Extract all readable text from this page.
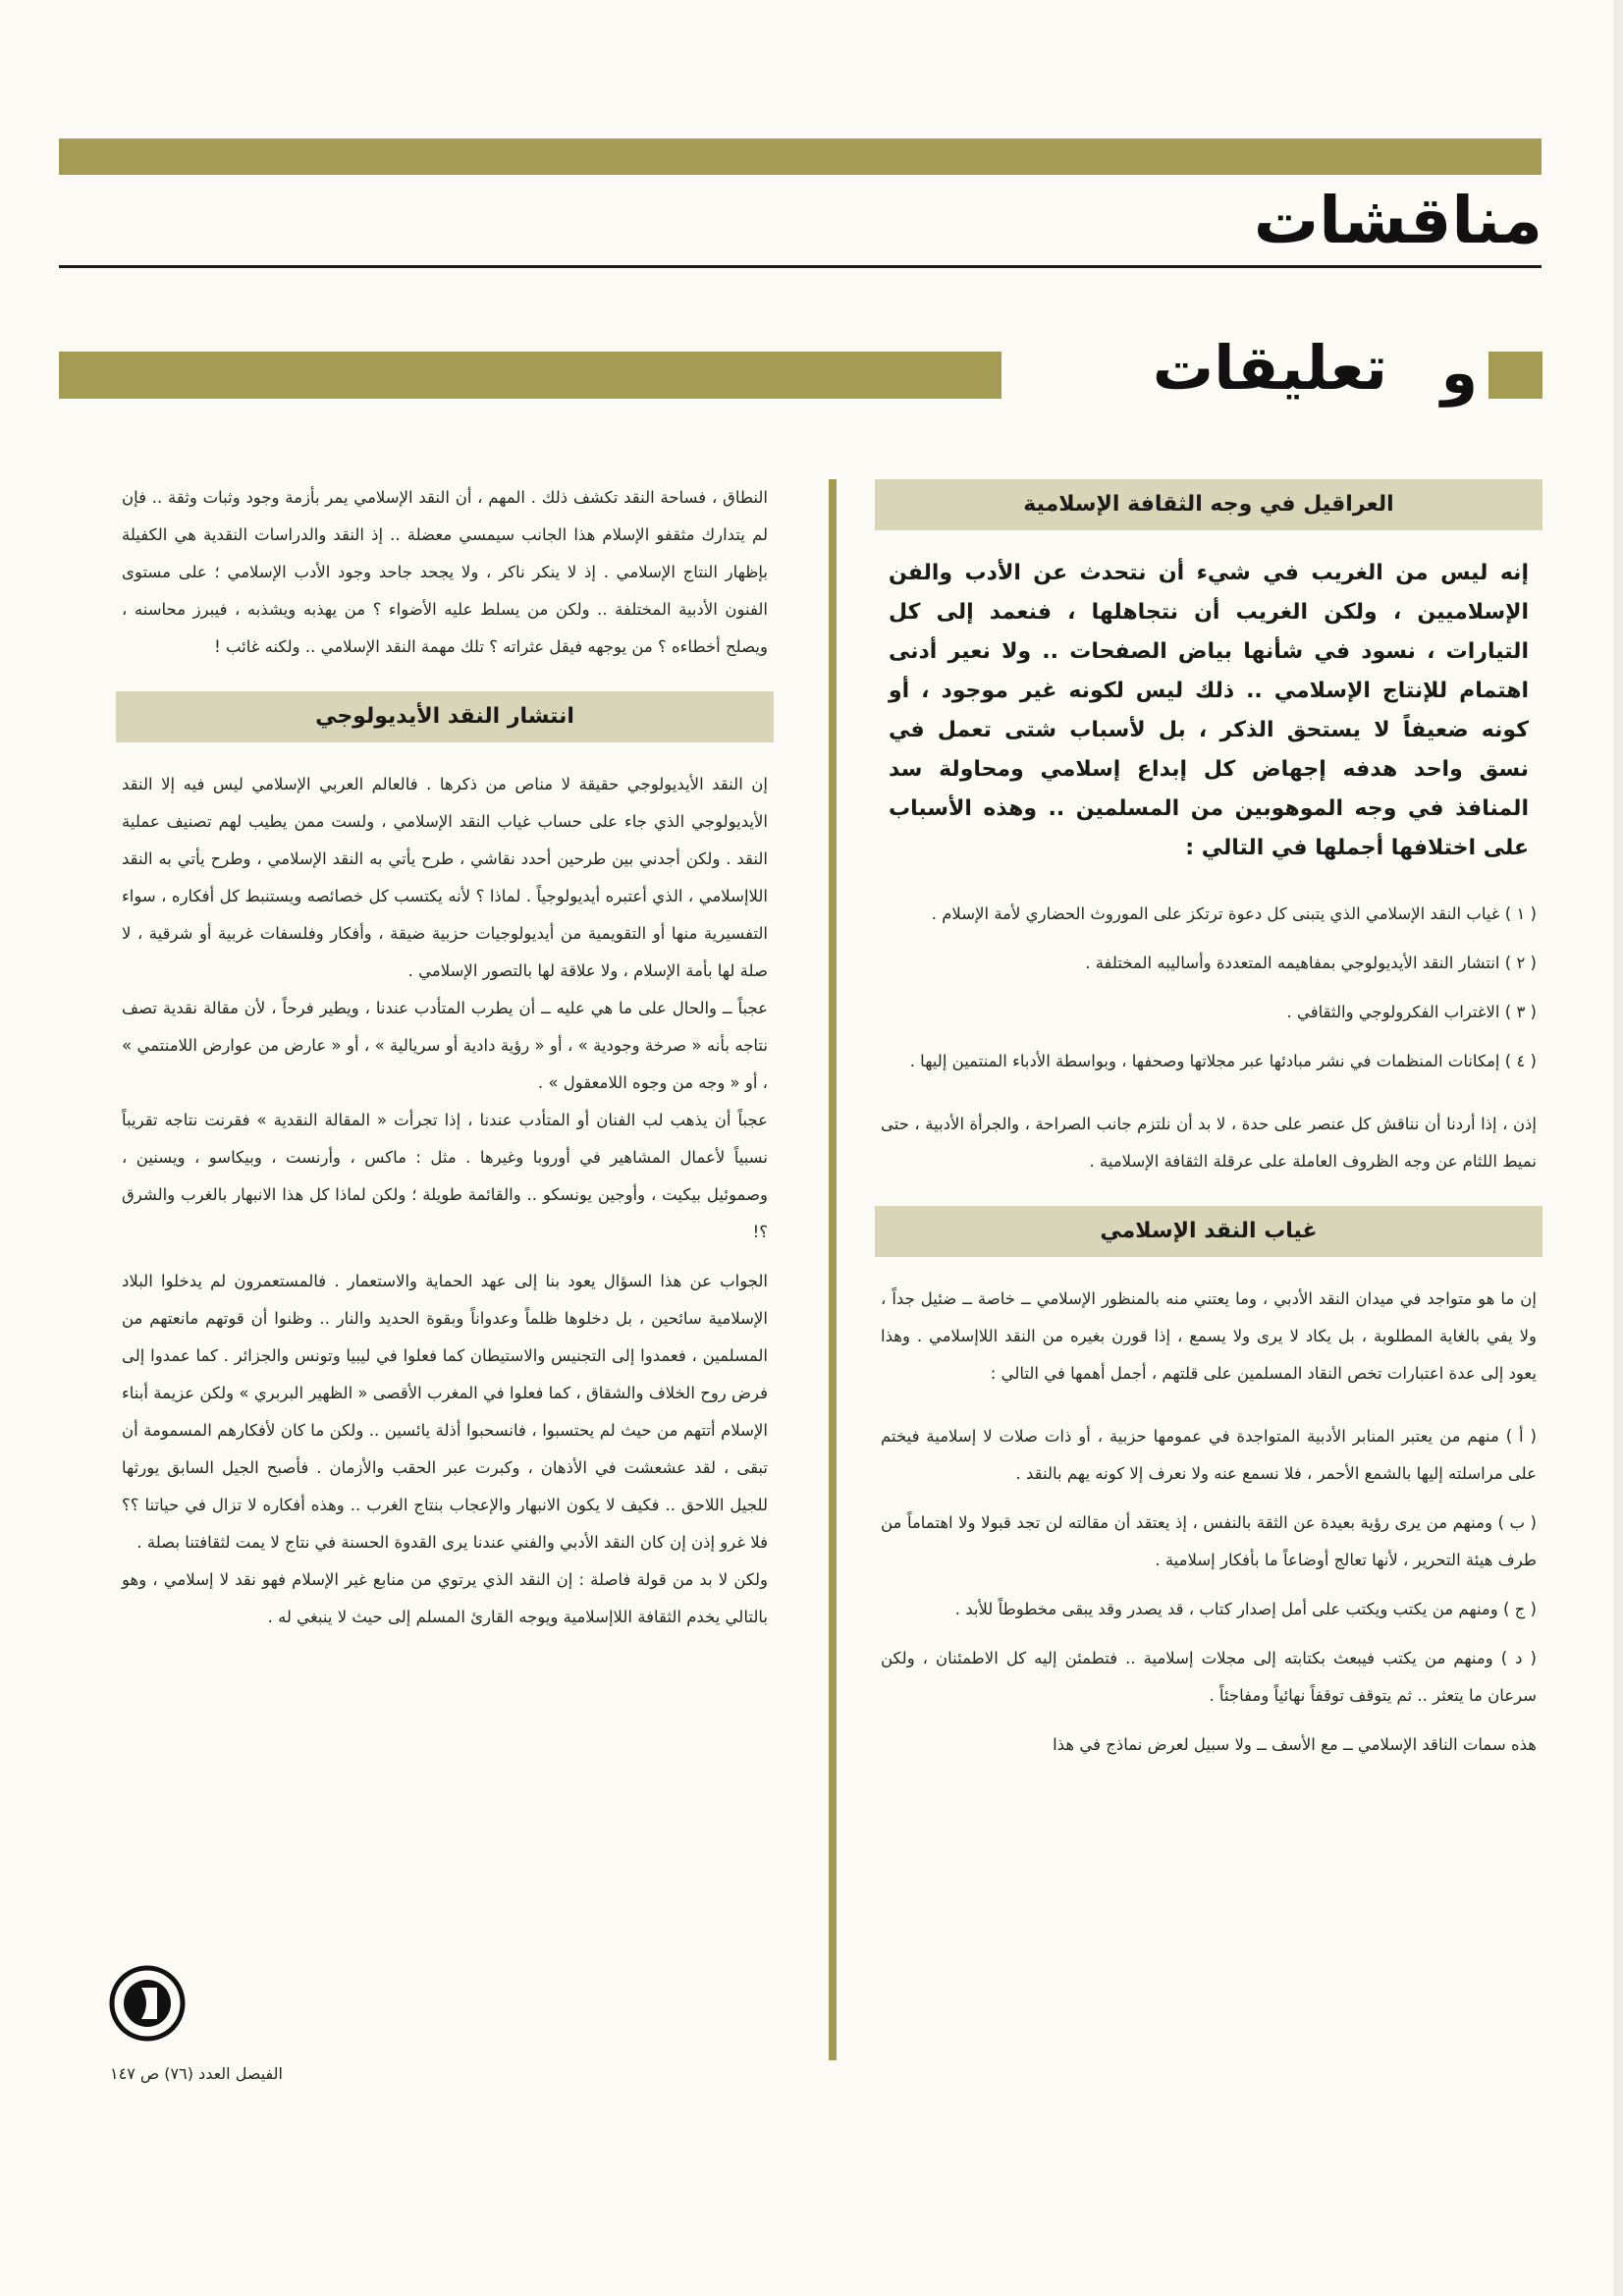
مناقشات
و
تعليقات
العراقيل في وجه الثقافة الإسلامية

إنه ليس من الغريب في شيء أن نتحدث عن الأدب والفن الإسلاميين ، ولكن الغريب أن نتجاهلها ، فنعمد إلى كل التيارات ، نسود في شأنها بياض الصفحات .. ولا نعير أدنى اهتمام للإنتاج الإسلامي .. ذلك ليس لكونه غير موجود ، أو كونه ضعيفاً لا يستحق الذكر ، بل لأسباب شتى تعمل في نسق واحد هدفه إجهاض كل إبداع إسلامي ومحاولة سد المنافذ في وجه الموهوبين من المسلمين .. وهذه الأسباب على اختلافها أجملها في التالي :

( ١ ) غياب النقد الإسلامي الذي يتبنى كل دعوة ترتكز على الموروث الحضاري لأمة الإسلام .

( ٢ ) انتشار النقد الأيديولوجي بمفاهيمه المتعددة وأساليبه المختلفة .

( ٣ ) الاغتراب الفكرولوجي والثقافي .

( ٤ ) إمكانات المنظمات في نشر مبادئها عبر مجلاتها وصحفها ، وبواسطة الأدباء المنتمين إليها .

إذن ، إذا أردنا أن نناقش كل عنصر على حدة ، لا بد أن نلتزم جانب الصراحة ، والجرأة الأدبية ، حتى نميط اللثام عن وجه الظروف العاملة على عرقلة الثقافة الإسلامية .

غياب النقد الإسلامي

إن ما هو متواجد في ميدان النقد الأدبي ، وما يعتني منه بالمنظور الإسلامي ــ خاصة ــ ضئيل جداً ، ولا يفي بالغاية المطلوبة ، بل يكاد لا يرى ولا يسمع ، إذا قورن بغيره من النقد اللاإسلامي . وهذا يعود إلى عدة اعتبارات تخص النقاد المسلمين على قلتهم ، أجمل أهمها في التالي :

( أ ) منهم من يعتبر المنابر الأدبية المتواجدة في عمومها حزبية ، أو ذات صلات لا إسلامية فيختم على مراسلته إليها بالشمع الأحمر ، فلا نسمع عنه ولا نعرف إلا كونه يهم بالنقد .

( ب ) ومنهم من يرى رؤية بعيدة عن الثقة بالنفس ، إذ يعتقد أن مقالته لن تجد قبولا ولا اهتماماً من طرف هيئة التحرير ، لأنها تعالج أوضاعاً ما بأفكار إسلامية .

( ج ) ومنهم من يكتب ويكتب على أمل إصدار كتاب ، قد يصدر وقد يبقى مخطوطاً للأبد .

( د ) ومنهم من يكتب فيبعث بكتابته إلى مجلات إسلامية .. فتطمئن إليه كل الاطمئنان ، ولكن سرعان ما يتعثر .. ثم يتوقف توقفاً نهائياً ومفاجئاً .

هذه سمات الناقد الإسلامي ــ مع الأسف ــ ولا سبيل لعرض نماذج في هذا

النطاق ، فساحة النقد تكشف ذلك . المهم ، أن النقد الإسلامي يمر بأزمة وجود وثبات وثقة .. فإن لم يتدارك مثقفو الإسلام هذا الجانب سيمسي معضلة .. إذ النقد والدراسات النقدية هي الكفيلة بإظهار النتاج الإسلامي . إذ لا ينكر ناكر ، ولا يجحد جاحد وجود الأدب الإسلامي ؛ على مستوى الفنون الأدبية المختلفة .. ولكن من يسلط عليه الأضواء ؟ من يهذبه ويشذبه ، فيبرز محاسنه ، ويصلح أخطاءه ؟ من يوجهه فيقل عثراته ؟ تلك مهمة النقد الإسلامي .. ولكنه غائب !

انتشار النقد الأيديولوجي

إن النقد الأيديولوجي حقيقة لا مناص من ذكرها . فالعالم العربي الإسلامي ليس فيه إلا النقد الأيديولوجي الذي جاء على حساب غياب النقد الإسلامي ، ولست ممن يطيب لهم تصنيف عملية النقد . ولكن أجدني بين طرحين أحدد نقاشي ، طرح يأتي به النقد الإسلامي ، وطرح يأتي به النقد اللاإسلامي ، الذي أعتبره أيديولوجياً . لماذا ؟ لأنه يكتسب كل خصائصه ويستنبط كل أفكاره ، سواء التفسيرية منها أو التقويمية من أيديولوجيات حزبية ضيقة ، وأفكار وفلسفات غربية أو شرقية ، لا صلة لها بأمة الإسلام ، ولا علاقة لها بالتصور الإسلامي .

عجباً ــ والحال على ما هي عليه ــ أن يطرب المتأدب عندنا ، ويطير فرحاً ، لأن مقالة نقدية تصف نتاجه بأنه « صرخة وجودية » ، أو « رؤية دادية أو سريالية » ، أو « عارض من عوارض اللامنتمي » ، أو « وجه من وجوه اللامعقول » .

عجباً أن يذهب لب الفنان أو المتأدب عندنا ، إذا تجرأت « المقالة النقدية » فقرنت نتاجه تقريباً نسبياً لأعمال المشاهير في أوروبا وغيرها . مثل : ماكس ، وأرنست ، وبيكاسو ، ويسنين ، وصموئيل بيكيت ، وأوجين يونسكو .. والقائمة طويلة ؛ ولكن لماذا كل هذا الانبهار بالغرب والشرق ؟!

الجواب عن هذا السؤال يعود بنا إلى عهد الحماية والاستعمار . فالمستعمرون لم يدخلوا البلاد الإسلامية سائحين ، بل دخلوها ظلماً وعدواناً وبقوة الحديد والنار .. وظنوا أن قوتهم مانعتهم من المسلمين ، فعمدوا إلى التجنيس والاستيطان كما فعلوا في ليبيا وتونس والجزائر . كما عمدوا إلى فرض روح الخلاف والشقاق ، كما فعلوا في المغرب الأقصى « الظهير البربري » ولكن عزيمة أبناء الإسلام أتتهم من حيث لم يحتسبوا ، فانسحبوا أذلة يائسين .. ولكن ما كان لأفكارهم المسمومة أن تبقى ، لقد عشعشت في الأذهان ، وكبرت عبر الحقب والأزمان . فأصبح الجيل السابق يورثها للجيل اللاحق .. فكيف لا يكون الانبهار والإعجاب بنتاج الغرب .. وهذه أفكاره لا تزال في حياتنا ؟؟ فلا غرو إذن إن كان النقد الأدبي والفني عندنا يرى القدوة الحسنة في نتاج لا يمت لثقافتنا بصلة .

ولكن لا بد من قولة فاصلة : إن النقد الذي يرتوي من منابع غير الإسلام فهو نقد لا إسلامي ، وهو بالتالي يخدم الثقافة اللاإسلامية ويوجه القارئ المسلم إلى حيث لا ينبغي له .

الفيصل العدد (٧٦) ص ١٤٧
